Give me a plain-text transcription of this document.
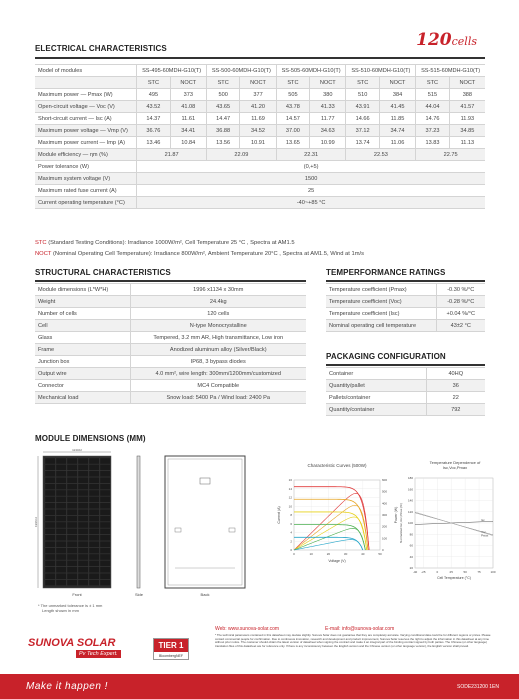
120cells
ELECTRICAL CHARACTERISTICS
Model of modules	SS-495-60MDH-G10(T)		SS-500-60MDH-G10(T)		SS-505-60MDH-G10(T)		SS-510-60MDH-G10(T)		SS-515-60MDH-G10(T)	
	STC	NOCT	STC	NOCT	STC	NOCT	STC	NOCT	STC	NOCT
Maximum power — Pmax (W)	495	373	500	377	505	380	510	384	515	388
Open-circuit voltage — Voc (V)	43.52	41.08	43.65	41.20	43.78	41.33	43.91	41.45	44.04	41.57
Short-circuit current — Isc (A)	14.37	11.61	14.47	11.69	14.57	11.77	14.66	11.85	14.76	11.93
Maximum power voltage — Vmp (V)	36.76	34.41	36.88	34.52	37.00	34.63	37.12	34.74	37.23	34.85
Maximum power current — Imp (A)	13.46	10.84	13.56	10.91	13.65	10.99	13.74	11.06	13.83	11.13
Module efficiency — ηm (%)	21.87		22.09		22.31		22.53		22.75	
Power tolerance (W)	(0,+5)									
Maximum system voltage (V)	1500									
Maximum rated fuse current (A)	25									
Current operating temperature (°C)	-40~+85 °C									
STC (Standard Testing Conditions): Irradiance 1000W/m², Cell Temperature 25 °C , Spectra at AM1.5
NOCT (Nominal Operating Cell Temperature): Irradiance 800W/m², Ambient Temperature 20°C , Spectra at AM1.5, Wind at 1m/s
STRUCTURAL CHARACTERISTICS
Module dimensions (L*W*H)	1996 x1134 x 30mm
Weight	24.4kg
Number of cells	120 cells
Cell	N-type Monocrystalline
Glass	Tempered, 3.2 mm AR, High transmittance, Low iron
Frame	Anodized aluminum alloy (Silver/Black)
Junction box	IP68, 3 bypass diodes
Output wire	4.0 mm², wire length: 300mm/1200mm/customized
Connector	MC4 Compatible
Mechanical load	Snow load: 5400 Pa / Wind load: 2400 Pa
TEMPERFORMANCE RATINGS
Temperature coefficient (Pmax)	-0.30 %/°C
Temperature coefficient (Voc)	-0.28 %/°C
Temperature coefficient (Isc)	+0.04 %/°C
Nominal operating cell temperature	43±2 °C
PACKAGING CONFIGURATION
Container	40HQ
Quantity/pallet	36
Pallets/container	22
Quantity/container	792
MODULE DIMENSIONS (MM)
1134±2
1996±2
Front	Side	Back
* The unmarked tolerance is ± 1 mm
Length shown in mm
Characteristic Curves (500W)
0	10	20	30	40	50
0
2
4
6
8
10
12
14
16
0
100
200
300
400
500
600
Voltage (V)
Current (A)	Power (W)
Temperature Dependence of Isc,Voc,Pmax
20
40
60
80
100
120
140
160
180
-40 -25	0	25	50	75	100
Isc
Voc
Pmax
Cell Temperature (°C)
Normalized Isc,Voc,Pmax (%)
SUNOVA SOLAR
Pv Tech Expert.
TIER 1
BloombergNEF
Web: www.sunova-solar.com	E-mail: info@sunova-solar.com
* The technical parameters contained in this datasheet may deviate slightly. Sunova Solar does not guarantee that they are completely accurate. Varying conditional data could be for different regions or prices. Please contact commercial people for confirmation. Due to continuous innovation, research and development and product improvement, Sunova Solar reserves the right to adjust the information in this datasheet at any time without prior notice. The customer should obtain the latest version of datasheet when signing the contract and make it an integral part of the binding contract signed by both parties. The Chinese (or other language) translation files of this datasheet are for reference only. If there is any inconsistency between the English version and the Chinese version (or other language version), the English version shall prevail.
Make it happen !	SODE231200 1EN
